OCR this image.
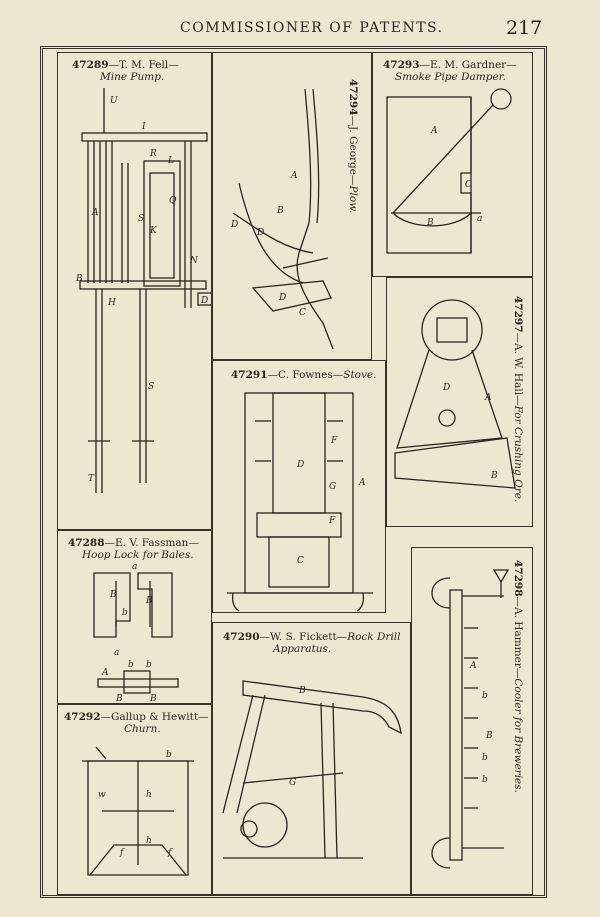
COMMISSIONER OF PATENTS.	217
47289—T. M. Fell—
Mine Pump.
U
I
R
L
Q
K
S
N
B
H	D
S
T
A
47294—J. George—Plow.
A
B
D
D
C
D
47293—E. M. Gardner—
Smoke Pipe Damper.
A
C
B	a
47297—A. W. Hall—For Crushing Ore.
D
A
B
47291—C. Fownes—Stove.
D
F
G
F
A
C
47288—E. V. Fassman—
Hoop Lock for Bales.
a
B
B
b
a
A
b b
B	B
47298—A. Hammer—Cooler for Breweries.
A
b
B
b
b
47290—W. S. Fickett—Rock Drill
Apparatus.
B
G
47292—Gallup & Hewitt—
Churn.
b
w	h
h
f	f
